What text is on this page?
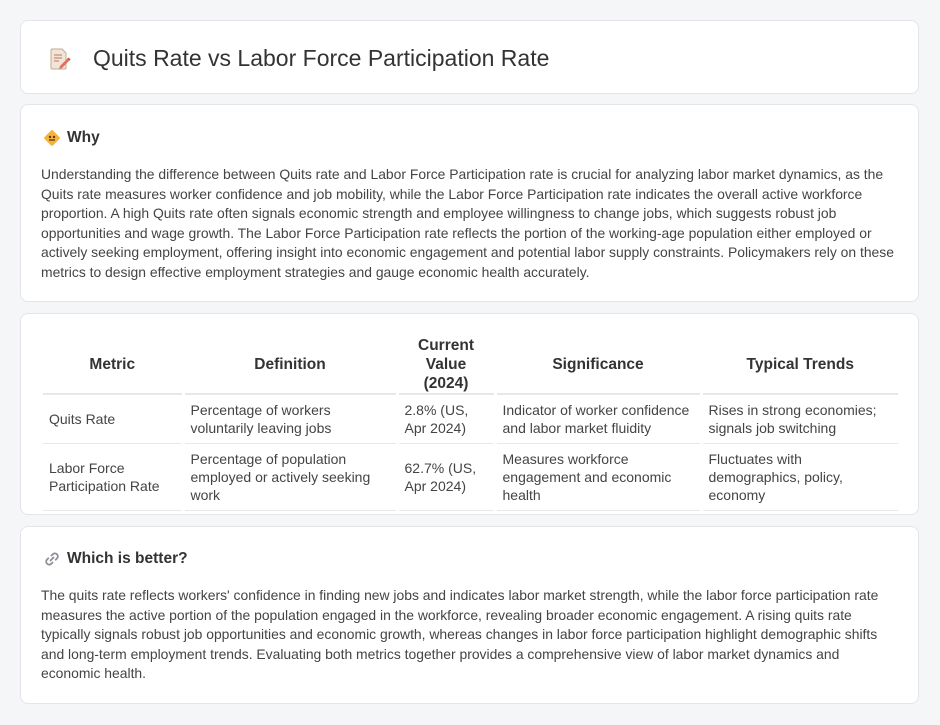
Quits Rate vs Labor Force Participation Rate
Why

Understanding the difference between Quits rate and Labor Force Participation rate is crucial for analyzing labor market dynamics, as the Quits rate measures worker confidence and job mobility, while the Labor Force Participation rate indicates the overall active workforce proportion. A high Quits rate often signals economic strength and employee willingness to change jobs, which suggests robust job opportunities and wage growth. The Labor Force Participation rate reflects the portion of the working-age population either employed or actively seeking employment, offering insight into economic engagement and potential labor supply constraints. Policymakers rely on these metrics to design effective employment strategies and gauge economic health accurately.

Metric	Definition	Current Value (2024)	Significance	Typical Trends
Quits Rate	Percentage of workers voluntarily leaving jobs	2.8% (US, Apr 2024)	Indicator of worker confidence and labor market fluidity	Rises in strong economies; signals job switching
Labor Force Participation Rate	Percentage of population employed or actively seeking work	62.7% (US, Apr 2024)	Measures workforce engagement and economic health	Fluctuates with demographics, policy, economy
Which is better?

The quits rate reflects workers' confidence in finding new jobs and indicates labor market strength, while the labor force participation rate measures the active portion of the population engaged in the workforce, revealing broader economic engagement. A rising quits rate typically signals robust job opportunities and economic growth, whereas changes in labor force participation highlight demographic shifts and long-term employment trends. Evaluating both metrics together provides a comprehensive view of labor market dynamics and economic health.
